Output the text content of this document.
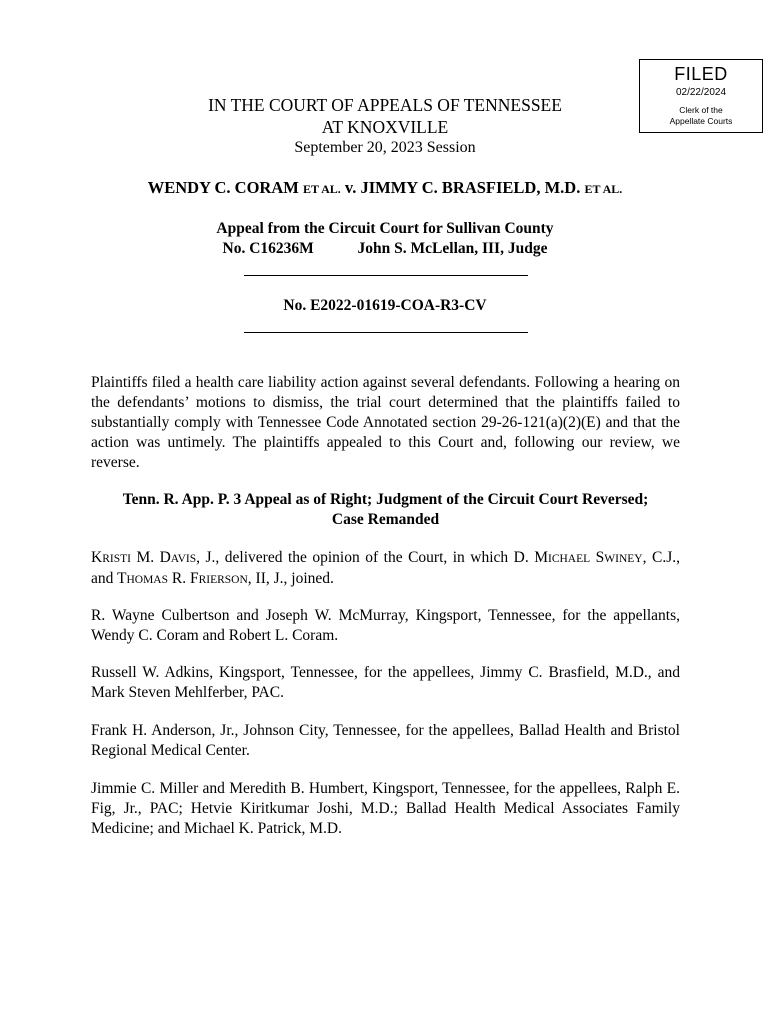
FILED
02/22/2024
Clerk of the
Appellate Courts
IN THE COURT OF APPEALS OF TENNESSEE
AT KNOXVILLE
September 20, 2023 Session
WENDY C. CORAM ET AL. v. JIMMY C. BRASFIELD, M.D. ET AL.
Appeal from the Circuit Court for Sullivan County
No. C16236M	John S. McLellan, III, Judge
No. E2022-01619-COA-R3-CV

Plaintiffs filed a health care liability action against several defendants. Following a hearing on the defendants’ motions to dismiss, the trial court determined that the plaintiffs failed to substantially comply with Tennessee Code Annotated section 29-26-121(a)(2)(E) and that the action was untimely. The plaintiffs appealed to this Court and, following our review, we reverse.

Tenn. R. App. P. 3 Appeal as of Right; Judgment of the Circuit Court Reversed;
Case Remanded

KRISTI M. DAVIS, J., delivered the opinion of the Court, in which D. MICHAEL SWINEY, C.J., and THOMAS R. FRIERSON, II, J., joined.

R. Wayne Culbertson and Joseph W. McMurray, Kingsport, Tennessee, for the appellants, Wendy C. Coram and Robert L. Coram.

Russell W. Adkins, Kingsport, Tennessee, for the appellees, Jimmy C. Brasfield, M.D., and Mark Steven Mehlferber, PAC.

Frank H. Anderson, Jr., Johnson City, Tennessee, for the appellees, Ballad Health and Bristol Regional Medical Center.

Jimmie C. Miller and Meredith B. Humbert, Kingsport, Tennessee, for the appellees, Ralph E. Fig, Jr., PAC; Hetvie Kiritkumar Joshi, M.D.; Ballad Health Medical Associates Family Medicine; and Michael K. Patrick, M.D.
